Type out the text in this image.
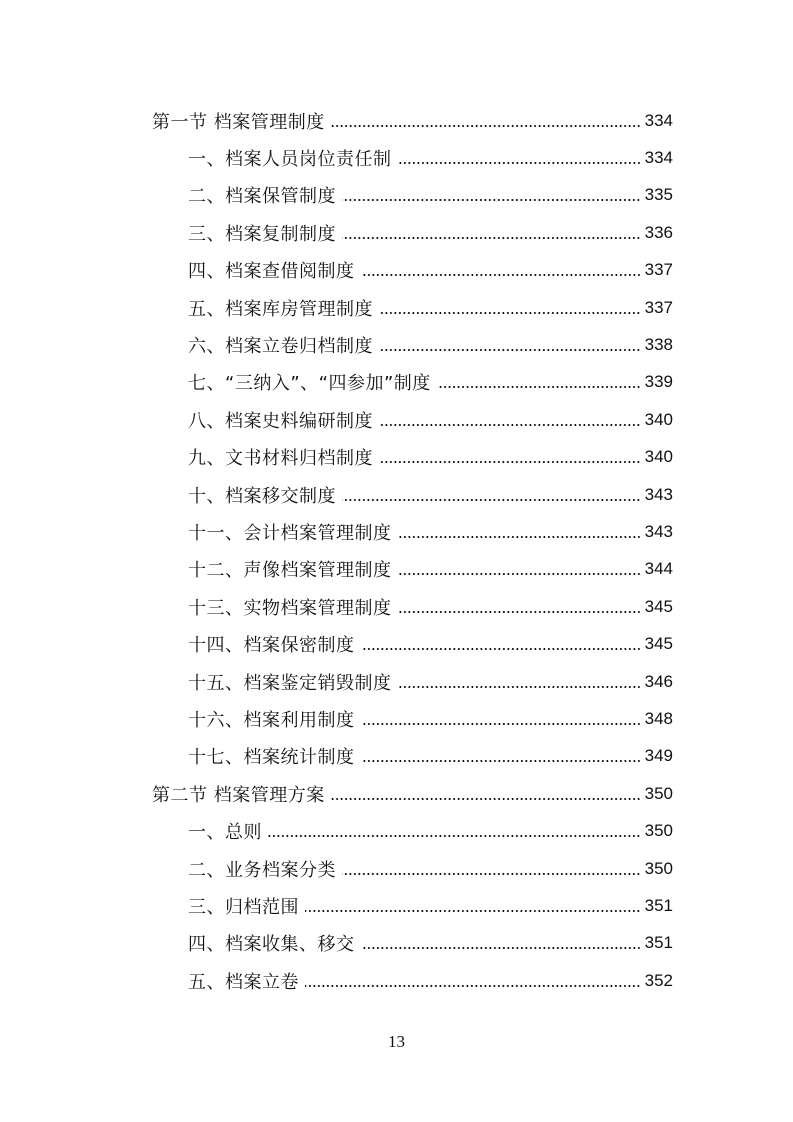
第一节 档案管理制度	334
一、档案人员岗位责任制	334
二、档案保管制度	335
三、档案复制制度	336
四、档案查借阅制度	337
五、档案库房管理制度	337
六、档案立卷归档制度	338
七、“三纳入”、“四参加”制度	339
八、档案史料编研制度	340
九、文书材料归档制度	340
十、档案移交制度	343
十一、会计档案管理制度	343
十二、声像档案管理制度	344
十三、实物档案管理制度	345
十四、档案保密制度	345
十五、档案鉴定销毁制度	346
十六、档案利用制度	348
十七、档案统计制度	349
第二节 档案管理方案	350
一、总则	350
二、业务档案分类	350
三、归档范围	351
四、档案收集、移交	351
五、档案立卷	352
13
